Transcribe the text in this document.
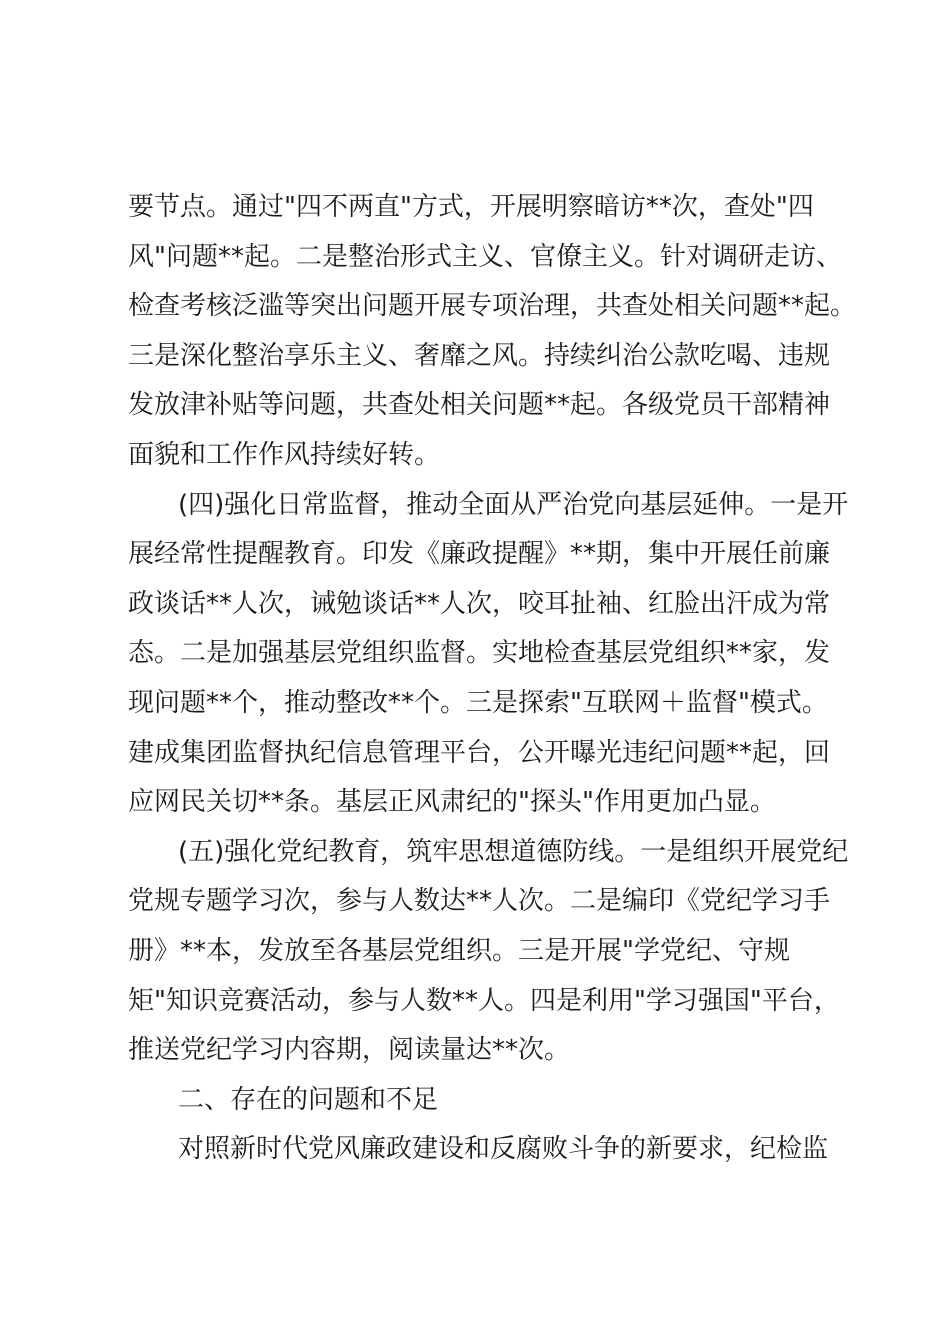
要节点。通过"四不两直"方式，开展明察暗访**次，查处"四
风"问题**起。二是整治形式主义、官僚主义。针对调研走访、
检查考核泛滥等突出问题开展专项治理，共查处相关问题**起。
三是深化整治享乐主义、奢靡之风。持续纠治公款吃喝、违规
发放津补贴等问题，共查处相关问题**起。各级党员干部精神
面貌和工作作风持续好转。
(四)强化日常监督，推动全面从严治党向基层延伸。一是开
展经常性提醒教育。印发《廉政提醒》**期，集中开展任前廉
政谈话**人次，诫勉谈话**人次，咬耳扯袖、红脸出汗成为常
态。二是加强基层党组织监督。实地检查基层党组织**家，发
现问题**个，推动整改**个。三是探索"互联网＋监督"模式。
建成集团监督执纪信息管理平台，公开曝光违纪问题**起，回
应网民关切**条。基层正风肃纪的"探头"作用更加凸显。
(五)强化党纪教育，筑牢思想道德防线。一是组织开展党纪
党规专题学习次，参与人数达**人次。二是编印《党纪学习手
册》**本，发放至各基层党组织。三是开展"学党纪、守规
矩"知识竞赛活动，参与人数**人。四是利用"学习强国"平台，
推送党纪学习内容期，阅读量达**次。
二、存在的问题和不足
对照新时代党风廉政建设和反腐败斗争的新要求，纪检监
